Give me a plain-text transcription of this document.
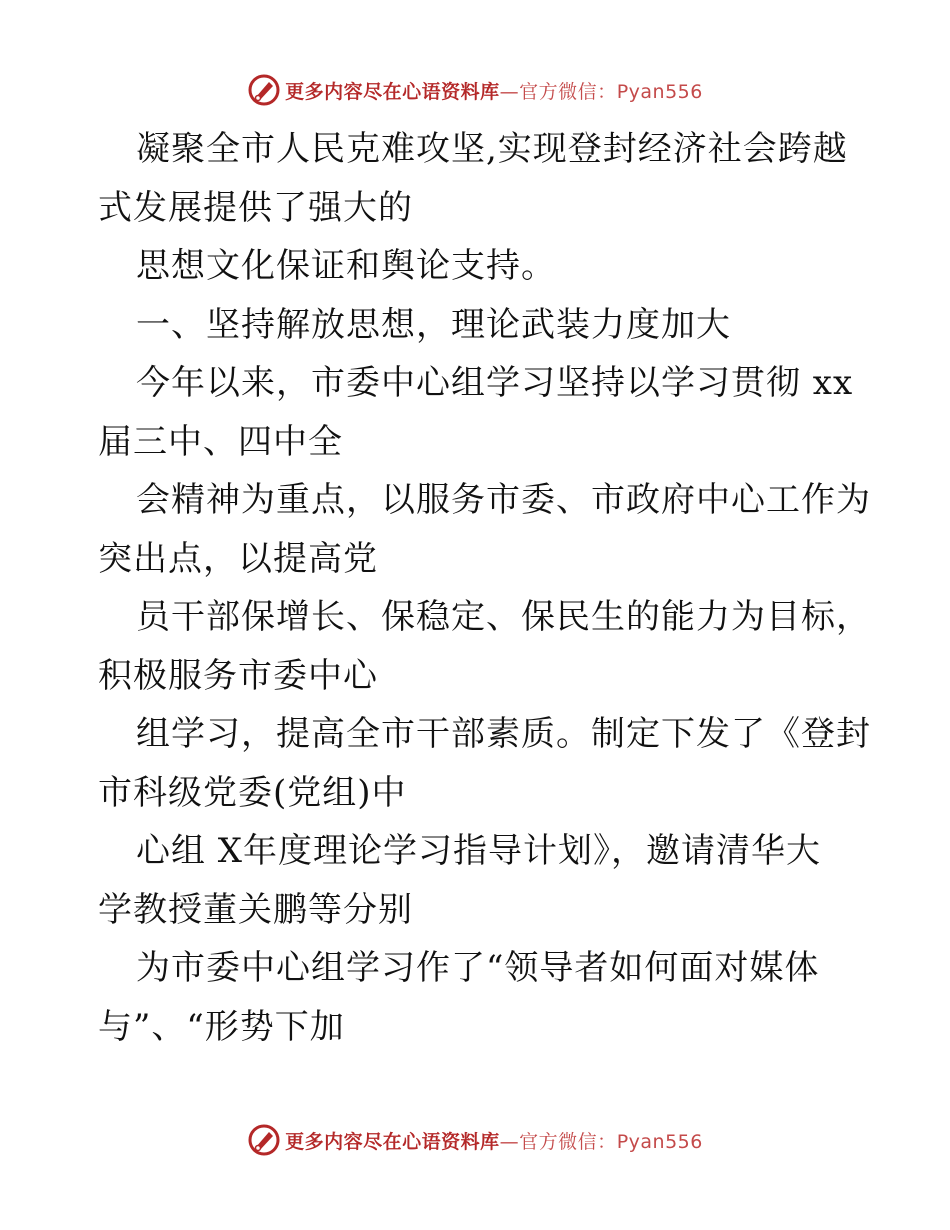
更多内容尽在心语资料库—官方微信：Pyan556
凝聚全市人民克难攻坚,实现登封经济社会跨越
式发展提供了强大的
思想文化保证和舆论支持。
一、坚持解放思想，理论武装力度加大
今年以来，市委中心组学习坚持以学习贯彻 xx
届三中、四中全
会精神为重点，以服务市委、市政府中心工作为
突出点，以提高党
员干部保增长、保稳定、保民生的能力为目标，
积极服务市委中心
组学习，提高全市干部素质。制定下发了《登封
市科级党委(党组)中
心组 X年度理论学习指导计划》，邀请清华大
学教授董关鹏等分别
为市委中心组学习作了“领导者如何面对媒体
与”、“形势下加
更多内容尽在心语资料库—官方微信：Pyan556
